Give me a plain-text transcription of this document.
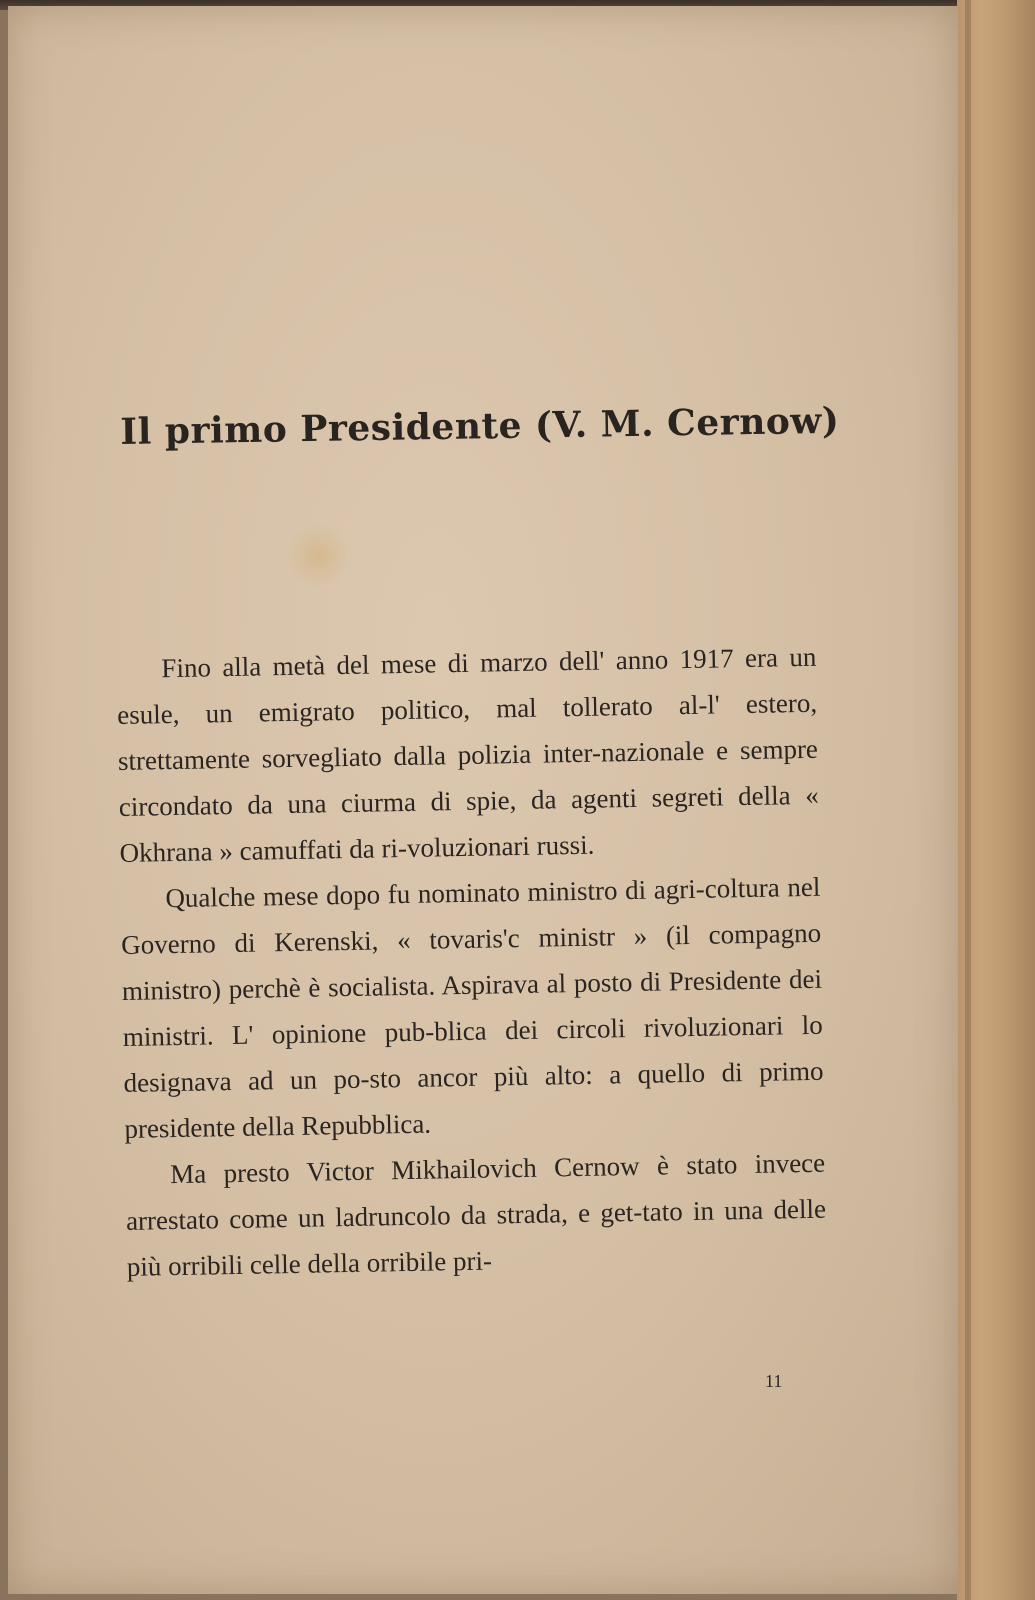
Il primo Presidente (V. M. Cernow)

Fino alla metà del mese di marzo dell' anno 1917 era un esule, un emigrato politico, mal tollerato al-l' estero, strettamente sorvegliato dalla polizia inter-nazionale e sempre circondato da una ciurma di spie, da agenti segreti della « Okhrana » camuffati da ri-voluzionari russi.

Qualche mese dopo fu nominato ministro di agri-coltura nel Governo di Kerenski, « tovaris'c ministr » (il compagno ministro) perchè è socialista. Aspirava al posto di Presidente dei ministri. L' opinione pub-blica dei circoli rivoluzionari lo designava ad un po-sto ancor più alto: a quello di primo presidente della Repubblica.

Ma presto Victor Mikhailovich Cernow è stato invece arrestato come un ladruncolo da strada, e get-tato in una delle più orribili celle della orribile pri-

11
